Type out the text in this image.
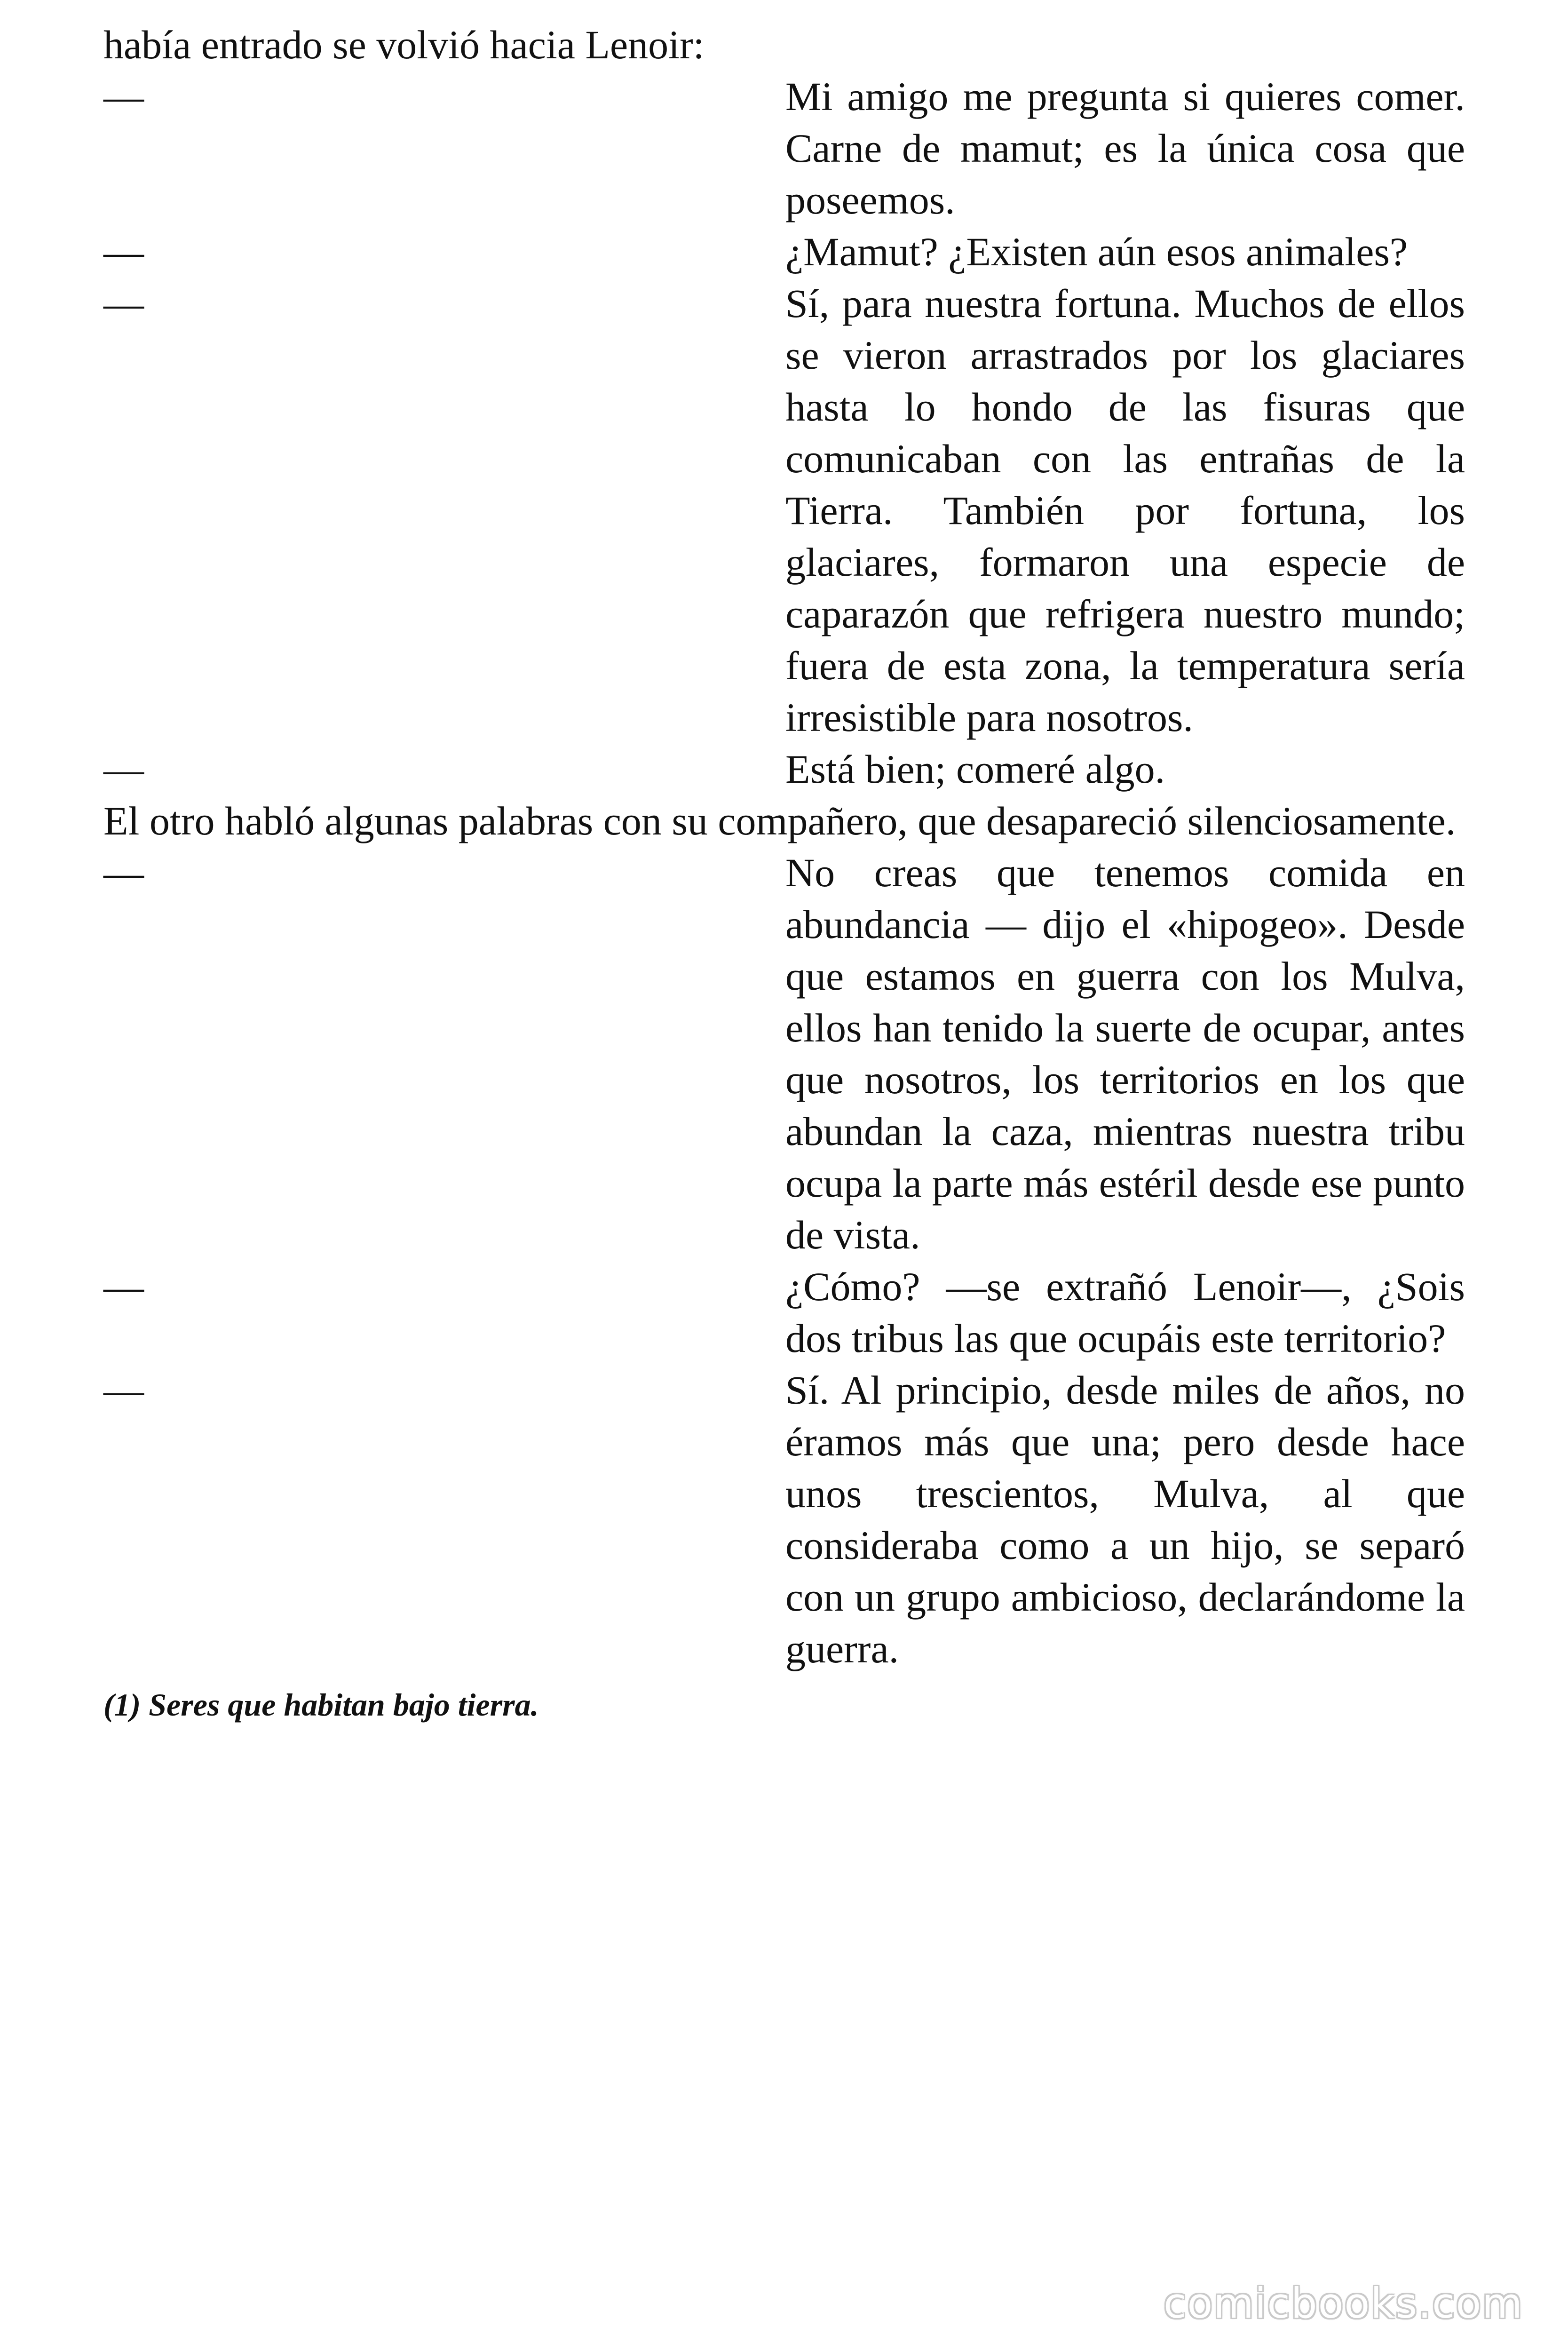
había entrado se volvió hacia Lenoir:

—	Mi amigo me pregunta si quieres comer. Carne de mamut; es la única cosa que poseemos.
—	¿Mamut? ¿Existen aún esos animales?
—	Sí, para nuestra fortuna. Muchos de ellos se vieron arrastrados por los glaciares hasta lo hondo de las fisuras que comunicaban con las entrañas de la Tierra. También por fortuna, los glaciares, formaron una especie de caparazón que refrigera nuestro mundo; fuera de esta zona, la temperatura sería irresistible para nosotros.
—	Está bien; comeré algo.

El otro habló algunas palabras con su compañero, que desapareció silenciosamente.

—	No creas que tenemos comida en abundancia — dijo el «hipogeo». Desde que estamos en guerra con los Mulva, ellos han tenido la suerte de ocupar, antes que nosotros, los territorios en los que abundan la caza, mientras nuestra tribu ocupa la parte más estéril desde ese punto de vista.
—	¿Cómo? —se extrañó Lenoir—, ¿Sois dos tribus las que ocupáis este territorio?
—	Sí. Al principio, desde miles de años, no éramos más que una; pero desde hace unos trescientos, Mulva, al que consideraba como a un hijo, se separó con un grupo ambicioso, declarándome la guerra.
(1) Seres que habitan bajo tierra.
comicbooks.com
